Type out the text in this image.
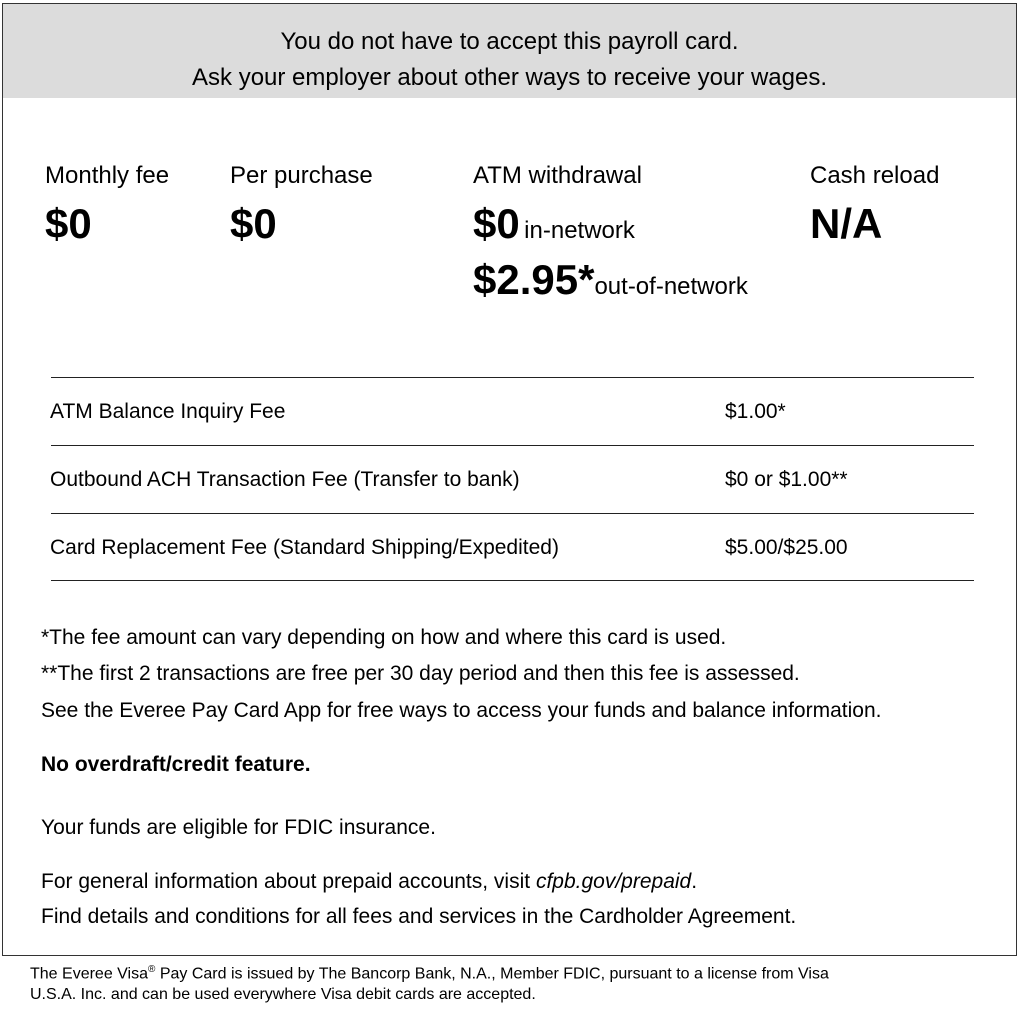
You do not have to accept this payroll card.
Ask your employer about other ways to receive your wages.
Monthly fee
$0
Per purchase
$0
ATM withdrawal
$0 in-network
$2.95*out-of-network
Cash reload
N/A
ATM Balance Inquiry Fee	$1.00*
Outbound ACH Transaction Fee (Transfer to bank)	$0 or $1.00**
Card Replacement Fee (Standard Shipping/Expedited)	$5.00/$25.00
*The fee amount can vary depending on how and where this card is used.
**The first 2 transactions are free per 30 day period and then this fee is assessed.
See the Everee Pay Card App for free ways to access your funds and balance information.
No overdraft/credit feature.
Your funds are eligible for FDIC insurance.
For general information about prepaid accounts, visit cfpb.gov/prepaid.
Find details and conditions for all fees and services in the Cardholder Agreement.
The Everee Visa® Pay Card is issued by The Bancorp Bank, N.A., Member FDIC, pursuant to a license from Visa
U.S.A. Inc. and can be used everywhere Visa debit cards are accepted.
